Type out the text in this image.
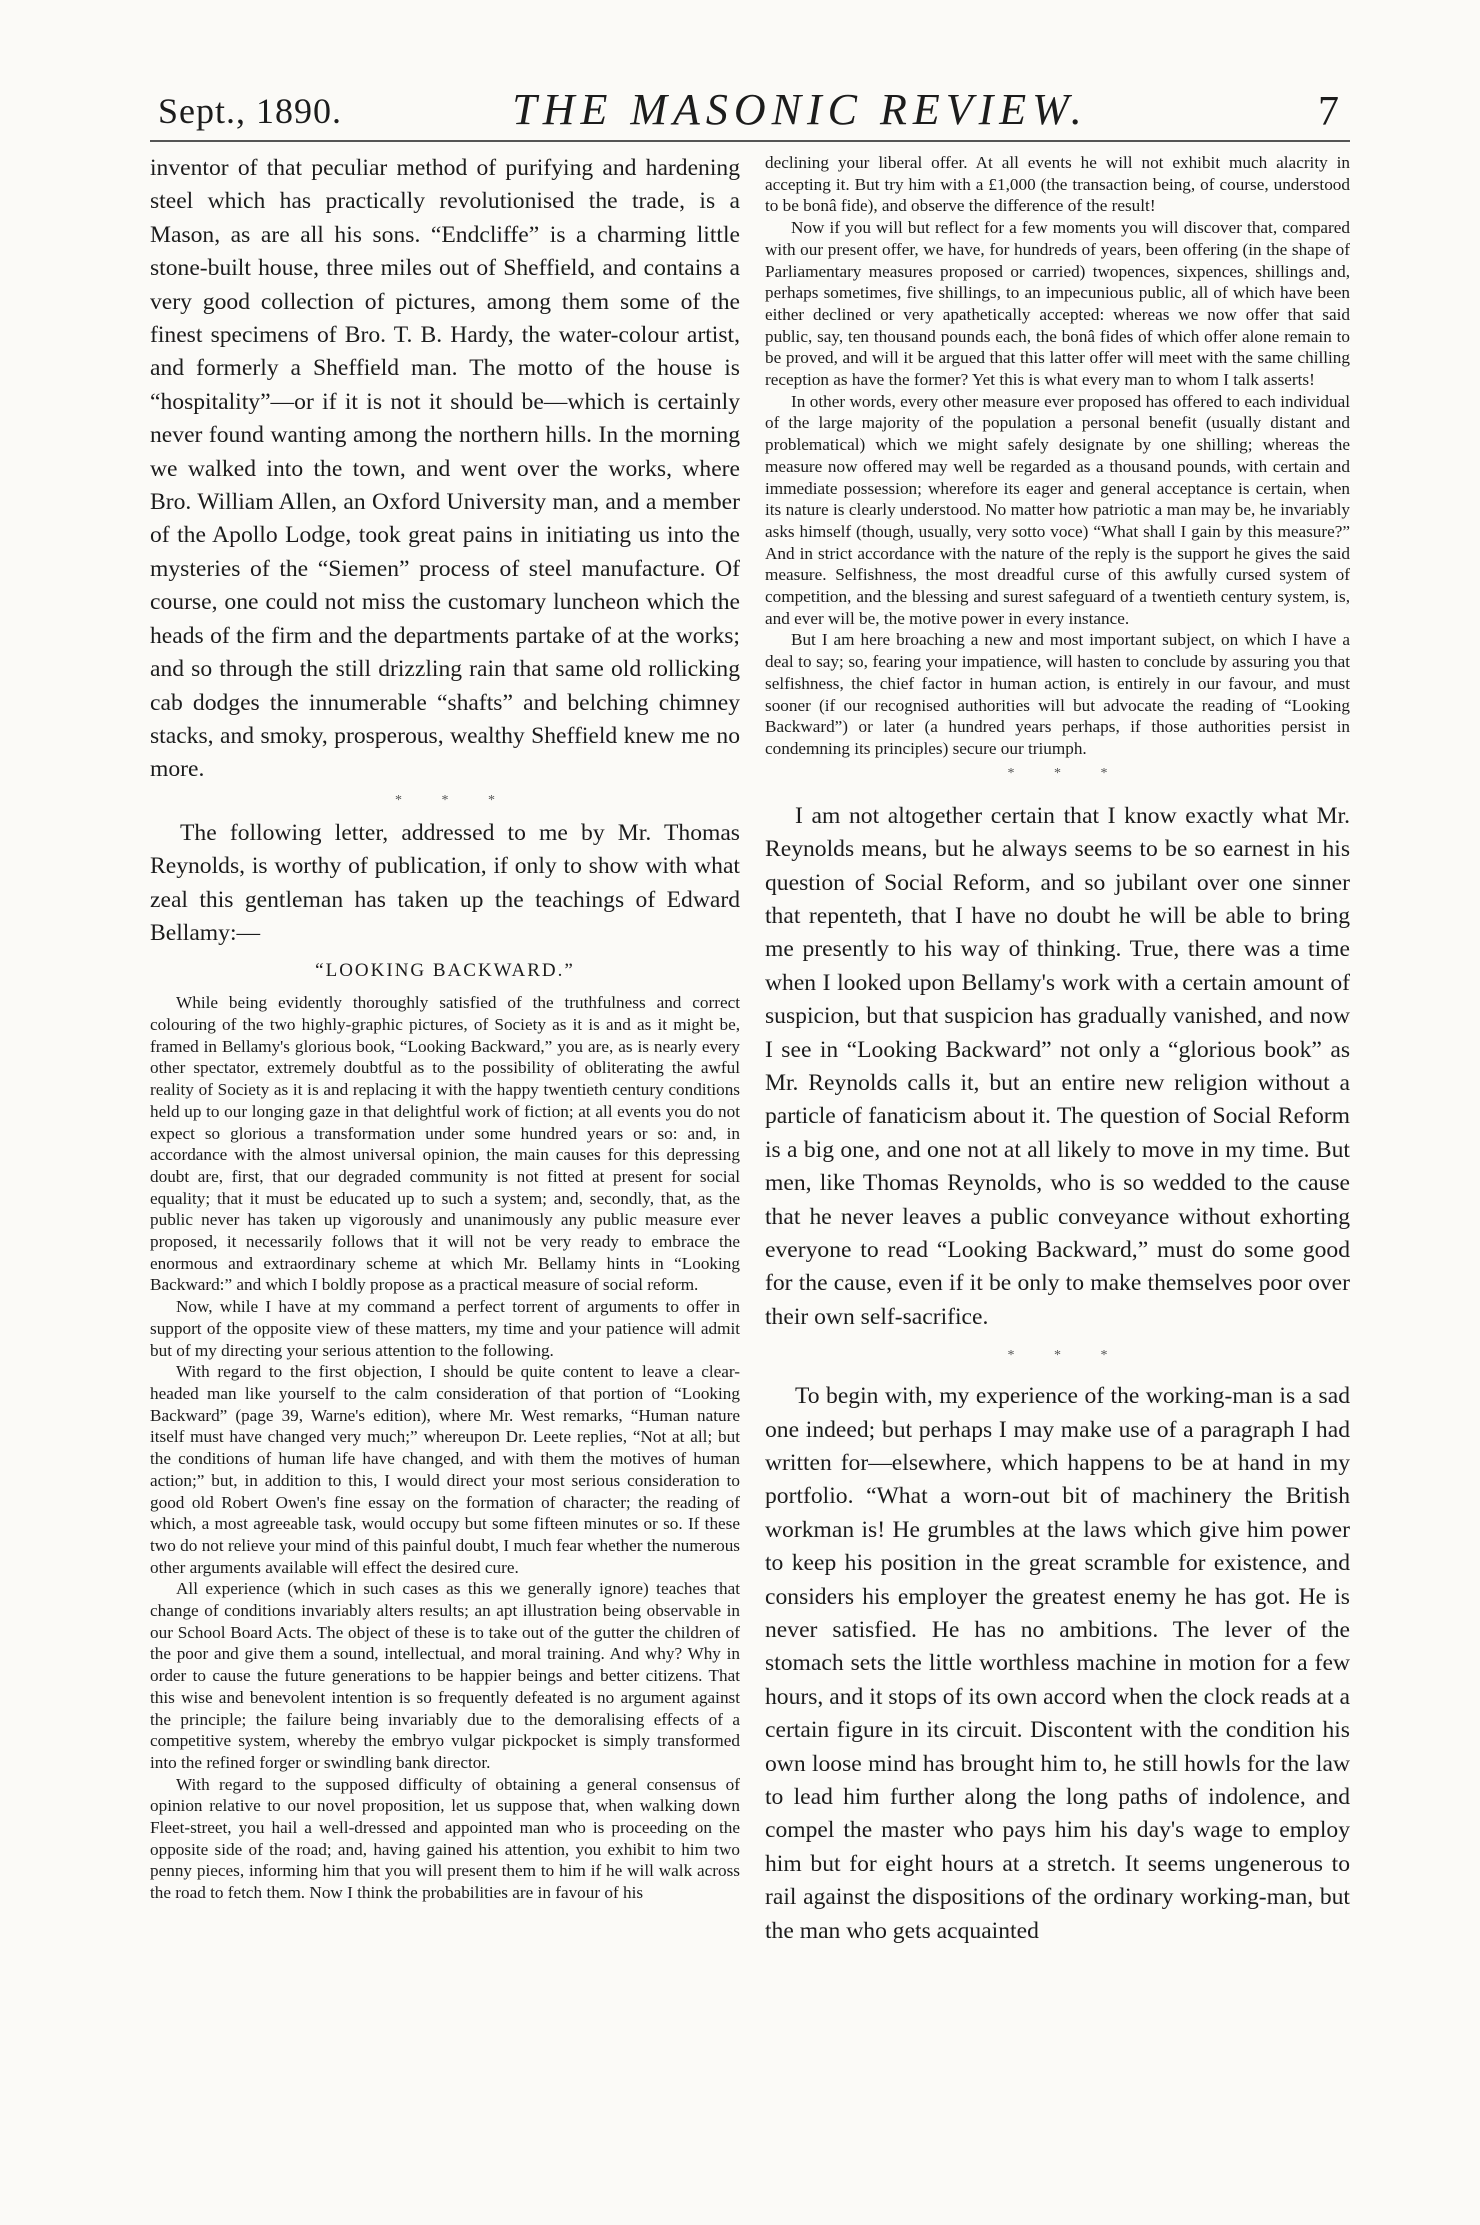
Sept., 1890.	THE MASONIC REVIEW.	7

inventor of that peculiar method of purifying and hardening steel which has practically revolutionised the trade, is a Mason, as are all his sons. “Endcliffe” is a charming little stone-built house, three miles out of Sheffield, and contains a very good collection of pictures, among them some of the finest specimens of Bro. T. B. Hardy, the water-colour artist, and formerly a Sheffield man. The motto of the house is “hospitality”—or if it is not it should be—which is certainly never found wanting among the northern hills. In the morning we walked into the town, and went over the works, where Bro. William Allen, an Oxford University man, and a member of the Apollo Lodge, took great pains in initiating us into the mysteries of the “Siemen” process of steel manufacture. Of course, one could not miss the customary luncheon which the heads of the firm and the departments partake of at the works; and so through the still drizzling rain that same old rollicking cab dodges the innumerable “shafts” and belching chimney stacks, and smoky, prosperous, wealthy Sheffield knew me no more.

* * *

The following letter, addressed to me by Mr. Thomas Reynolds, is worthy of publication, if only to show with what zeal this gentleman has taken up the teachings of Edward Bellamy:—

“LOOKING BACKWARD.”

While being evidently thoroughly satisfied of the truthfulness and correct colouring of the two highly-graphic pictures, of Society as it is and as it might be, framed in Bellamy's glorious book, “Looking Backward,” you are, as is nearly every other spectator, extremely doubtful as to the possibility of obliterating the awful reality of Society as it is and replacing it with the happy twentieth century conditions held up to our longing gaze in that delightful work of fiction; at all events you do not expect so glorious a transformation under some hundred years or so: and, in accordance with the almost universal opinion, the main causes for this depressing doubt are, first, that our degraded community is not fitted at present for social equality; that it must be educated up to such a system; and, secondly, that, as the public never has taken up vigorously and unanimously any public measure ever proposed, it necessarily follows that it will not be very ready to embrace the enormous and extraordinary scheme at which Mr. Bellamy hints in “Looking Backward:” and which I boldly propose as a practical measure of social reform.

Now, while I have at my command a perfect torrent of arguments to offer in support of the opposite view of these matters, my time and your patience will admit but of my directing your serious attention to the following.

With regard to the first objection, I should be quite content to leave a clear-headed man like yourself to the calm consideration of that portion of “Looking Backward” (page 39, Warne's edition), where Mr. West remarks, “Human nature itself must have changed very much;” whereupon Dr. Leete replies, “Not at all; but the conditions of human life have changed, and with them the motives of human action;” but, in addition to this, I would direct your most serious consideration to good old Robert Owen's fine essay on the formation of character; the reading of which, a most agreeable task, would occupy but some fifteen minutes or so. If these two do not relieve your mind of this painful doubt, I much fear whether the numerous other arguments available will effect the desired cure.

All experience (which in such cases as this we generally ignore) teaches that change of conditions invariably alters results; an apt illustration being observable in our School Board Acts. The object of these is to take out of the gutter the children of the poor and give them a sound, intellectual, and moral training. And why? Why in order to cause the future generations to be happier beings and better citizens. That this wise and benevolent intention is so frequently defeated is no argument against the principle; the failure being invariably due to the demoralising effects of a competitive system, whereby the embryo vulgar pickpocket is simply transformed into the refined forger or swindling bank director.

With regard to the supposed difficulty of obtaining a general consensus of opinion relative to our novel proposition, let us suppose that, when walking down Fleet-street, you hail a well-dressed and appointed man who is proceeding on the opposite side of the road; and, having gained his attention, you exhibit to him two penny pieces, informing him that you will present them to him if he will walk across the road to fetch them. Now I think the probabilities are in favour of his

declining your liberal offer. At all events he will not exhibit much alacrity in accepting it. But try him with a £1,000 (the transaction being, of course, understood to be bonâ fide), and observe the difference of the result!

Now if you will but reflect for a few moments you will discover that, compared with our present offer, we have, for hundreds of years, been offering (in the shape of Parliamentary measures proposed or carried) twopences, sixpences, shillings and, perhaps sometimes, five shillings, to an impecunious public, all of which have been either declined or very apathetically accepted: whereas we now offer that said public, say, ten thousand pounds each, the bonâ fides of which offer alone remain to be proved, and will it be argued that this latter offer will meet with the same chilling reception as have the former? Yet this is what every man to whom I talk asserts!

In other words, every other measure ever proposed has offered to each individual of the large majority of the population a personal benefit (usually distant and problematical) which we might safely designate by one shilling; whereas the measure now offered may well be regarded as a thousand pounds, with certain and immediate possession; wherefore its eager and general acceptance is certain, when its nature is clearly understood. No matter how patriotic a man may be, he invariably asks himself (though, usually, very sotto voce) “What shall I gain by this measure?” And in strict accordance with the nature of the reply is the support he gives the said measure. Selfishness, the most dreadful curse of this awfully cursed system of competition, and the blessing and surest safeguard of a twentieth century system, is, and ever will be, the motive power in every instance.

But I am here broaching a new and most important subject, on which I have a deal to say; so, fearing your impatience, will hasten to conclude by assuring you that selfishness, the chief factor in human action, is entirely in our favour, and must sooner (if our recognised authorities will but advocate the reading of “Looking Backward”) or later (a hundred years perhaps, if those authorities persist in condemning its principles) secure our triumph.

* * *

I am not altogether certain that I know exactly what Mr. Reynolds means, but he always seems to be so earnest in his question of Social Reform, and so jubilant over one sinner that repenteth, that I have no doubt he will be able to bring me presently to his way of thinking. True, there was a time when I looked upon Bellamy's work with a certain amount of suspicion, but that suspicion has gradually vanished, and now I see in “Looking Backward” not only a “glorious book” as Mr. Reynolds calls it, but an entire new religion without a particle of fanaticism about it. The question of Social Reform is a big one, and one not at all likely to move in my time. But men, like Thomas Reynolds, who is so wedded to the cause that he never leaves a public conveyance without exhorting everyone to read “Looking Backward,” must do some good for the cause, even if it be only to make themselves poor over their own self-sacrifice.

* * *

To begin with, my experience of the working-man is a sad one indeed; but perhaps I may make use of a paragraph I had written for—elsewhere, which happens to be at hand in my portfolio. “What a worn-out bit of machinery the British workman is! He grumbles at the laws which give him power to keep his position in the great scramble for existence, and considers his employer the greatest enemy he has got. He is never satisfied. He has no ambitions. The lever of the stomach sets the little worthless machine in motion for a few hours, and it stops of its own accord when the clock reads at a certain figure in its circuit. Discontent with the condition his own loose mind has brought him to, he still howls for the law to lead him further along the long paths of indolence, and compel the master who pays him his day's wage to employ him but for eight hours at a stretch. It seems ungenerous to rail against the dispositions of the ordinary working-man, but the man who gets acquainted
